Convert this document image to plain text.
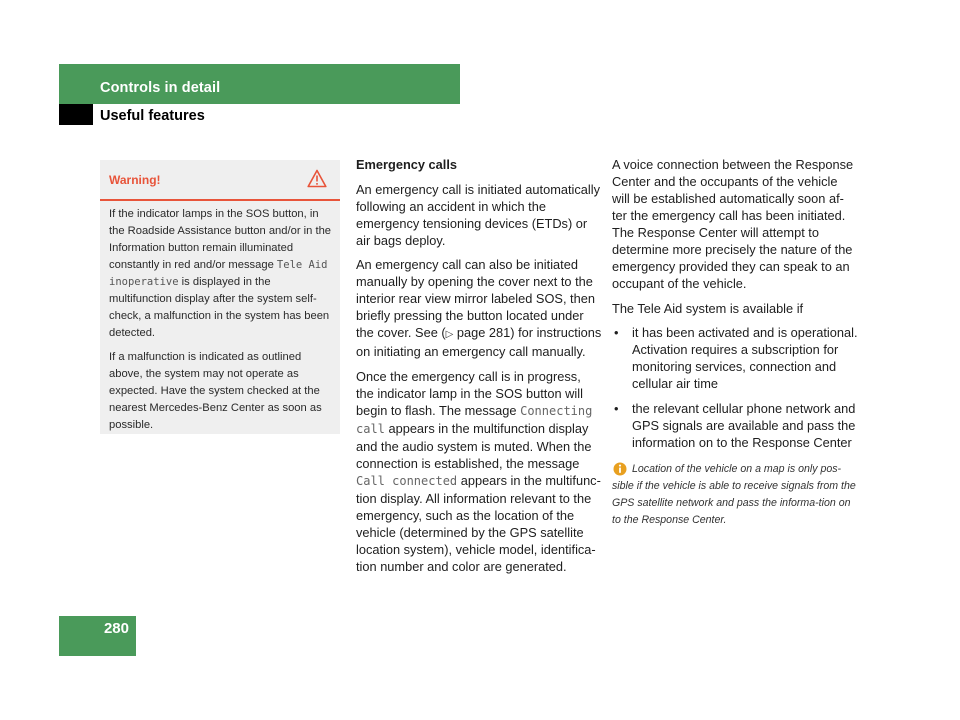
Controls in detail
Useful features
280
Warning!

If the indicator lamps in the SOS button, in the Roadside Assistance button and/or in the Information button remain illuminated constantly in red and/or message Tele Aid inoperative is displayed in the multifunction display after the system self-check, a malfunction in the system has been detected.

If a malfunction is indicated as outlined above, the system may not operate as expected. Have the system checked at the nearest Mercedes-Benz Center as soon as possible.

Emergency calls

An emergency call is initiated automatically following an accident in which the emergency tensioning devices (ETDs) or air bags deploy.

An emergency call can also be initiated manually by opening the cover next to the interior rear view mirror labeled SOS, then briefly pressing the button located under the cover. See (▷ page 281) for instructions on initiating an emergency call manually.

Once the emergency call is in progress, the indicator lamp in the SOS button will begin to flash. The message Connecting call appears in the multifunction display and the audio system is muted. When the connection is established, the message Call connected appears in the multifunc-tion display. All information relevant to the emergency, such as the location of the vehicle (determined by the GPS satellite location system), vehicle model, identifica-tion number and color are generated.

A voice connection between the Response Center and the occupants of the vehicle will be established automatically soon af-ter the emergency call has been initiated. The Response Center will attempt to determine more precisely the nature of the emergency provided they can speak to an occupant of the vehicle.

The Tele Aid system is available if

• it has been activated and is operational. Activation requires a subscription for monitoring services, connection and cellular air time
• the relevant cellular phone network and GPS signals are available and pass the information on to the Response Center
Location of the vehicle on a map is only pos-sible if the vehicle is able to receive signals from the GPS satellite network and pass the informa-tion on to the Response Center.
